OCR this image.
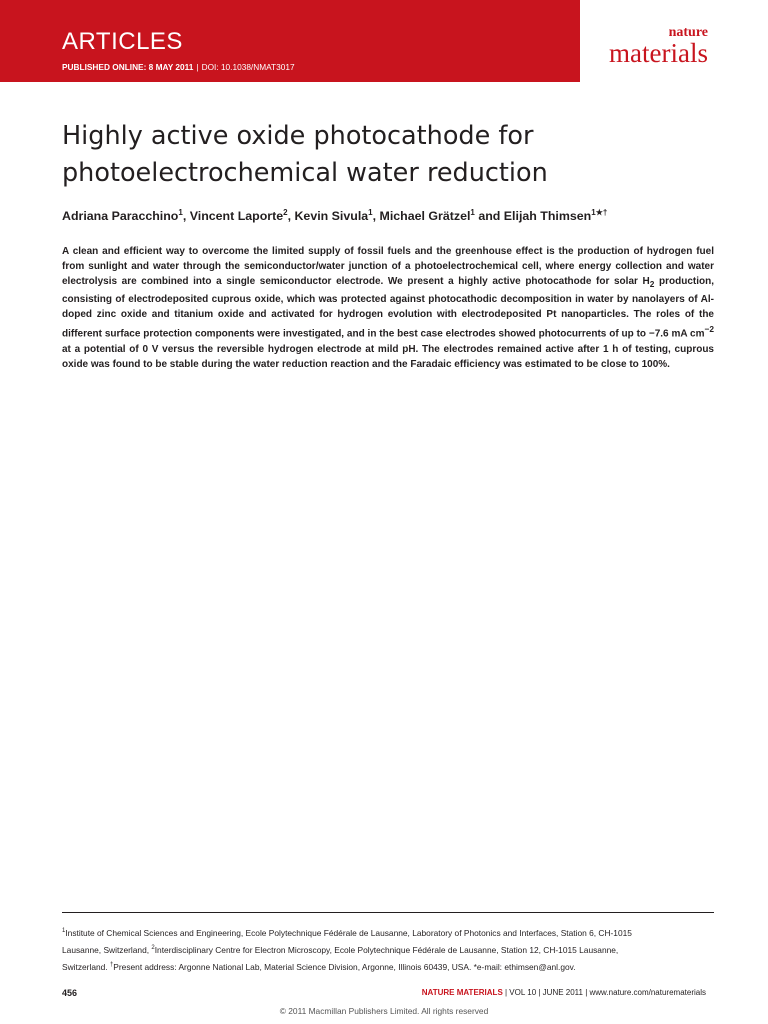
ARTICLES
PUBLISHED ONLINE: 8 MAY 2011 | DOI: 10.1038/NMAT3017
nature
materials
Highly active oxide photocathode for
photoelectrochemical water reduction
Adriana Paracchino$^1$, Vincent Laporte$^2$, Kevin Sivula$^1$, Michael Grätzel$^1$ and Elijah Thimsen$^{1★\dagger}$

A clean and efficient way to overcome the limited supply of fossil fuels and the greenhouse effect is the production of hydrogen fuel from sunlight and water through the semiconductor/water junction of a photoelectrochemical cell, where energy collection and water electrolysis are combined into a single semiconductor electrode. We present a highly active photocathode for solar $H_2$ production, consisting of electrodeposited cuprous oxide, which was protected against photocathodic decomposition in water by nanolayers of Al-doped zinc oxide and titanium oxide and activated for hydrogen evolution with electrodeposited Pt nanoparticles. The roles of the different surface protection components were investigated, and in the best case electrodes showed photocurrents of up to −7.6 mA $cm^{-2}$ at a potential of 0 V versus the reversible hydrogen electrode at mild pH. The electrodes remained active after 1 h of testing, cuprous oxide was found to be stable during the water reduction reaction and the Faradaic efficiency was estimated to be close to 100%.

$^1$Institute of Chemical Sciences and Engineering, Ecole Polytechnique Fédérale de Lausanne, Laboratory of Photonics and Interfaces, Station 6, CH-1015
Lausanne, Switzerland, $^2$Interdisciplinary Centre for Electron Microscopy, Ecole Polytechnique Fédérale de Lausanne, Station 12, CH-1015 Lausanne,
Switzerland. †Present address: Argonne National Lab, Material Science Division, Argonne, Illinois 60439, USA. *e-mail: ethimsen@anl.gov.
456	NATURE MATERIALS | VOL 10 | JUNE 2011 | www.nature.com/naturematerials
© 2011 Macmillan Publishers Limited. All rights reserved
